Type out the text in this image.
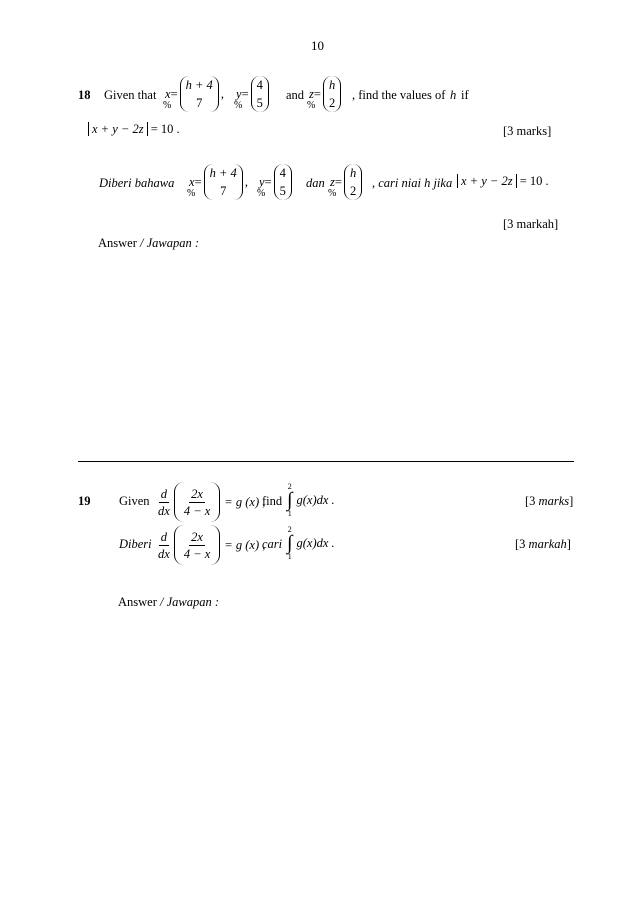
10
18 Given that x
%
=
h + 4
7
, y
%
=
4
5
and z
%
=
h
2
, find the values of h if
x + y − 2z = 10 .	[3 marks]
Diberi bahawa x
%
=
h + 4
7
, y
%
=
4
5
dan z
%
=
h
2
, cari niai h jika x + y − 2z = 10 .
[3 markah]
Answer / Jawapan :
19 Given $\frac{d}{dx} \frac{2x}{4 - x} = g$ (x) ,
find
2
∫
1
g(x)dx .	[3 marks]
Diberi $\frac{d}{dx} \frac{2x}{4 - x} = g$ (x) ,
cari
2
∫
1
g(x)dx .	[3 markah]
Answer / Jawapan :
